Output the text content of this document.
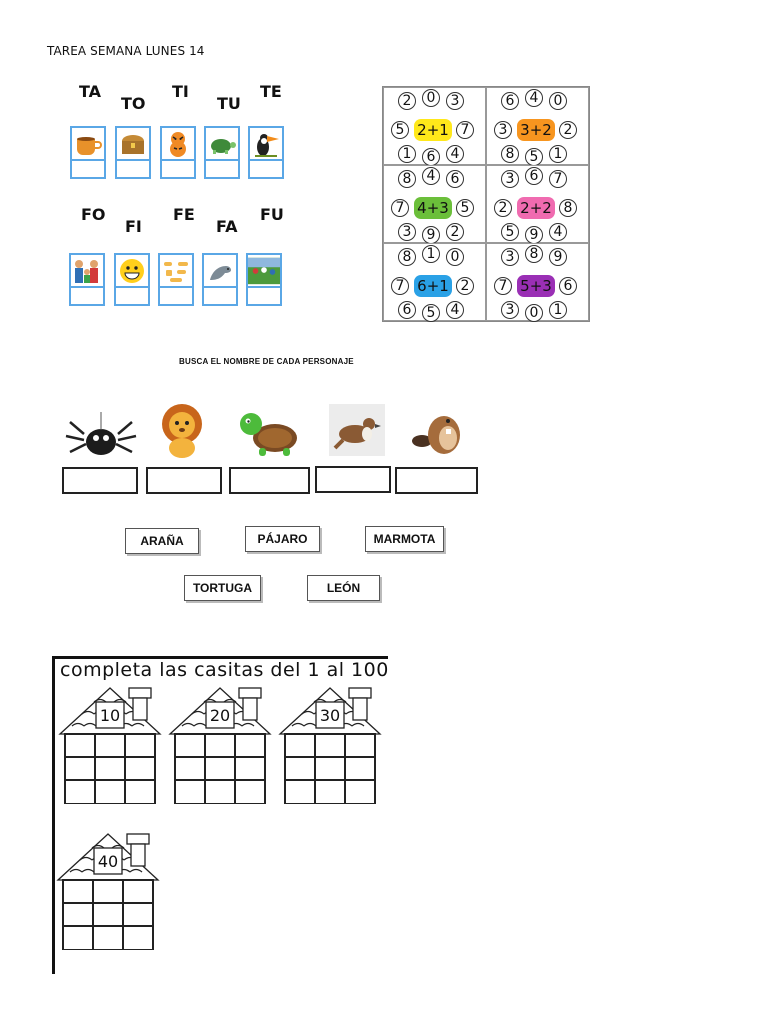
TAREA SEMANA LUNES 14
TA
TO
TI
TU
TE
FO
FI
FE
FA
FU
2	0	3
5	7
1	6	4
2+1
6	4	0
3	2
8	5	1
3+2
8	4	6
7	5
3	9	2
4+3
3	6	7
2	8
5	9	4
2+2
8	1	0
7	2
6	5	4
6+1
3	8	9
7	6
3	0	1
5+3
BUSCA EL NOMBRE DE CADA PERSONAJE
ARAÑA	PÁJARO	MARMOTA
TORTUGA	LEÓN
completa las casitas del 1 al 100
10	20	30
40
